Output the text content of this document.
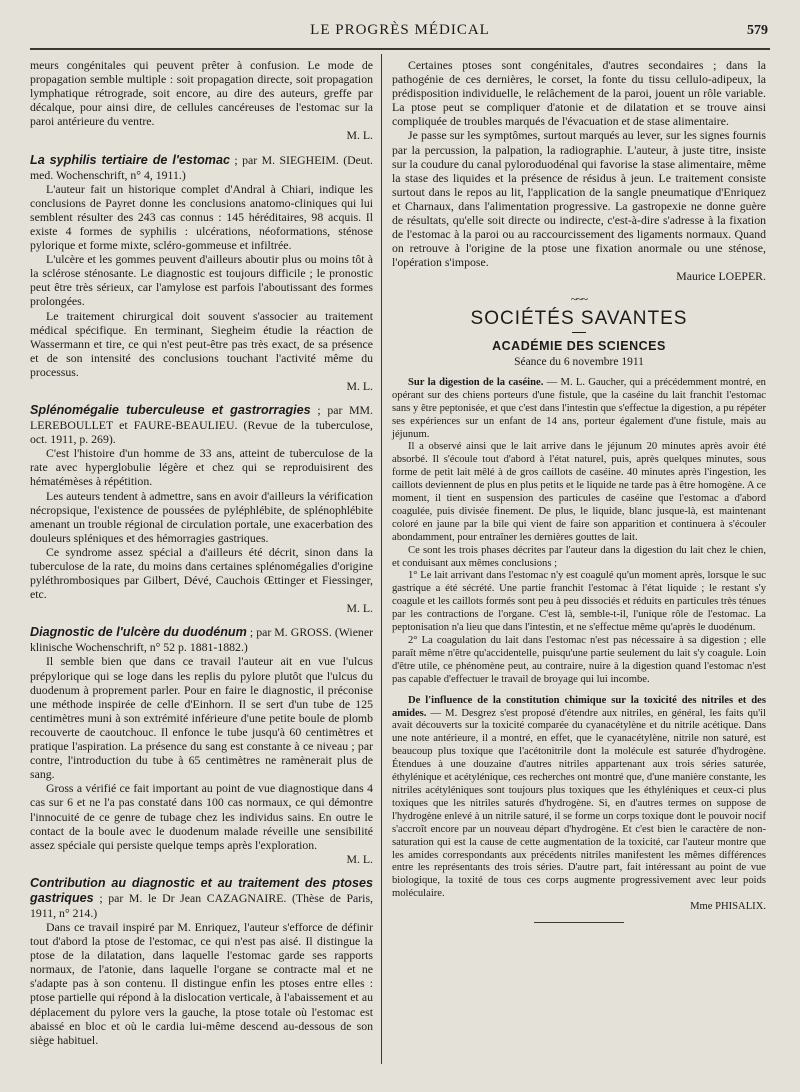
LE PROGRÈS MÉDICAL	579

meurs congénitales qui peuvent prêter à confusion. Le mode de propagation semble multiple : soit propagation directe, soit propagation lymphatique rétrograde, soit encore, au dire des auteurs, greffe par décalque, pour ainsi dire, de cellules cancéreuses de l'estomac sur la paroi antérieure du ventre.

M. L.
La syphilis tertiaire de l'estomac ; par M. SIEGHEIM. (Deut. med. Wochenschrift, n° 4, 1911.)

L'auteur fait un historique complet d'Andral à Chiari, indique les conclusions de Payret donne les conclusions anatomo-cliniques qui lui semblent résulter des 243 cas connus : 145 héréditaires, 98 acquis. Il existe 4 formes de syphilis : ulcérations, néoformations, sténose pylorique et forme mixte, scléro-gommeuse et infiltrée.

L'ulcère et les gommes peuvent d'ailleurs aboutir plus ou moins tôt à la sclérose sténosante. Le diagnostic est toujours difficile ; le pronostic peut être très sérieux, car l'amylose est parfois l'aboutissant des formes prolongées.

Le traitement chirurgical doit souvent s'associer au traitement médical spécifique. En terminant, Siegheim étudie la réaction de Wassermann et tire, ce qui n'est peut-être pas très exact, de sa présence et de son intensité des conclusions touchant l'activité même du processus.

M. L.
Splénomégalie tuberculeuse et gastrorragies ; par MM. LEREBOULLET et FAURE-BEAULIEU. (Revue de la tuberculose, oct. 1911, p. 269).

C'est l'histoire d'un homme de 33 ans, atteint de tuberculose de la rate avec hyperglobulie légère et chez qui se reproduisirent des hématémèses à répétition.

Les auteurs tendent à admettre, sans en avoir d'ailleurs la vérification nécropsique, l'existence de poussées de pyléphlébite, de splénophlébite amenant un trouble régional de circulation portale, une exacerbation des douleurs spléniques et des hémorragies gastriques.

Ce syndrome assez spécial a d'ailleurs été décrit, sinon dans la tuberculose de la rate, du moins dans certaines splénomégalies d'origine pyléthrombosiques par Gilbert, Dévé, Cauchois Œttinger et Fiessinger, etc.

M. L.
Diagnostic de l'ulcère du duodénum ; par M. GROSS. (Wiener klinische Wochenschrift, n° 52 p. 1881-1882.)

Il semble bien que dans ce travail l'auteur ait en vue l'ulcus prépylorique qui se loge dans les replis du pylore plutôt que l'ulcus du duodenum à proprement parler. Pour en faire le diagnostic, il préconise une méthode inspirée de celle d'Einhorn. Il se sert d'un tube de 125 centimètres muni à son extrémité inférieure d'une petite boule de plomb recouverte de caoutchouc. Il enfonce le tube jusqu'à 60 centimètres et pratique l'aspiration. La présence du sang est constante à ce niveau ; par contre, l'introduction du tube à 65 centimètres ne ramènerait plus de sang.

Gross a vérifié ce fait important au point de vue diagnostique dans 4 cas sur 6 et ne l'a pas constaté dans 100 cas normaux, ce qui démontre l'innocuité de ce genre de tubage chez les individus sains. En outre le contact de la boule avec le duodenum malade réveille une sensibilité assez spéciale qui persiste quelque temps après l'exploration.

M. L.
Contribution au diagnostic et au traitement des ptoses gastriques ; par M. le Dr Jean CAZAGNAIRE. (Thèse de Paris, 1911, n° 214.)

Dans ce travail inspiré par M. Enriquez, l'auteur s'efforce de définir tout d'abord la ptose de l'estomac, ce qui n'est pas aisé. Il distingue la ptose de la dilatation, dans laquelle l'estomac garde ses rapports normaux, de l'atonie, dans laquelle l'organe se contracte mal et ne s'adapte pas à son contenu. Il distingue enfin les ptoses entre elles : ptose partielle qui répond à la dislocation verticale, à l'abaissement et au déplacement du pylore vers la gauche, la ptose totale où l'estomac est abaissé en bloc et où le cardia lui-même descend au-dessous de son siège habituel.

Certaines ptoses sont congénitales, d'autres secondaires ; dans la pathogénie de ces dernières, le corset, la fonte du tissu cellulo-adipeux, la prédisposition individuelle, le relâchement de la paroi, jouent un rôle variable. La ptose peut se compliquer d'atonie et de dilatation et se trouve ainsi compliquée de troubles marqués de l'évacuation et de stase alimentaire.

Je passe sur les symptômes, surtout marqués au lever, sur les signes fournis par la percussion, la palpation, la radiographie. L'auteur, à juste titre, insiste sur la coudure du canal pyloroduodénal qui favorise la stase alimentaire, même la stase des liquides et la présence de résidus à jeun. Le traitement consiste surtout dans le repos au lit, l'application de la sangle pneumatique d'Enriquez et Charnaux, dans l'alimentation progressive. La gastropexie ne donne guère de résultats, qu'elle soit directe ou indirecte, c'est-à-dire s'adresse à la fixation de l'estomac à la paroi ou au raccourcissement des ligaments normaux. Quand on retrouve à l'origine de la ptose une fixation anormale ou une sténose, l'opération s'impose.

Maurice LOEPER.
~~~
SOCIÉTÉS SAVANTES
ACADÉMIE DES SCIENCES
Séance du 6 novembre 1911

Sur la digestion de la caséine. — M. L. Gaucher, qui a précédemment montré, en opérant sur des chiens porteurs d'une fistule, que la caséine du lait franchit l'estomac sans y être peptonisée, et que c'est dans l'intestin que s'effectue la digestion, a pu répéter ses expériences sur un enfant de 14 ans, porteur également d'une fistule, mais au jéjunum.

Il a observé ainsi que le lait arrive dans le jéjunum 20 minutes après avoir été absorbé. Il s'écoule tout d'abord à l'état naturel, puis, après quelques minutes, sous forme de petit lait mêlé à de gros caillots de caséine. 40 minutes après l'ingestion, les caillots deviennent de plus en plus petits et le liquide ne tarde pas à être homogène. A ce moment, il tient en suspension des particules de caséine que l'estomac a d'abord coagulée, puis divisée finement. De plus, le liquide, blanc jusque-là, est maintenant coloré en jaune par la bile qui vient de faire son apparition et continuera à s'écouler abondamment, pour entraîner les dernières gouttes de lait.

Ce sont les trois phases décrites par l'auteur dans la digestion du lait chez le chien, et conduisant aux mêmes conclusions ;

1° Le lait arrivant dans l'estomac n'y est coagulé qu'un moment après, lorsque le suc gastrique a été sécrété. Une partie franchit l'estomac à l'état liquide ; le restant s'y coagule et les caillots formés sont peu à peu dissociés et réduits en particules très ténues par les contractions de l'organe. C'est là, semble-t-il, l'unique rôle de l'estomac. La peptonisation n'a lieu que dans l'intestin, et ne s'effectue même qu'après le duodénum.

2° La coagulation du lait dans l'estomac n'est pas nécessaire à sa digestion ; elle paraît même n'être qu'accidentelle, puisqu'une partie seulement du lait s'y coagule. Loin d'être utile, ce phénomène peut, au contraire, nuire à la digestion quand l'estomac n'est pas capable d'effectuer le travail de broyage qui lui incombe.

De l'influence de la constitution chimique sur la toxicité des nitriles et des amides. — M. Desgrez s'est proposé d'étendre aux nitriles, en général, les faits qu'il avait découverts sur la toxicité comparée du cyanacétylène et du nitrile acétique. Dans une note antérieure, il a montré, en effet, que le cyanacétylène, nitrile non saturé, est beaucoup plus toxique que l'acétonitrile dont la molécule est saturée d'hydrogène. Étendues à une douzaine d'autres nitriles appartenant aux trois séries saturée, éthylénique et acétylénique, ces recherches ont montré que, d'une manière constante, les nitriles acétyléniques sont toujours plus toxiques que les éthyléniques et ceux-ci plus toxiques que les nitriles saturés d'hydrogène. Si, en d'autres termes on suppose de l'hydrogène enlevé à un nitrile saturé, il se forme un corps toxique dont le pouvoir nocif s'accroît encore par un nouveau départ d'hydrogène. Et c'est bien le caractère de non-saturation qui est la cause de cette augmentation de la toxicité, car l'auteur montre que les amides correspondants aux précédents nitriles manifestent les mêmes différences entre les représentants des trois séries. D'autre part, fait intéressant au point de vue biologique, la toxité de tous ces corps augmente progressivement avec leur poids moléculaire.

Mme PHISALIX.
